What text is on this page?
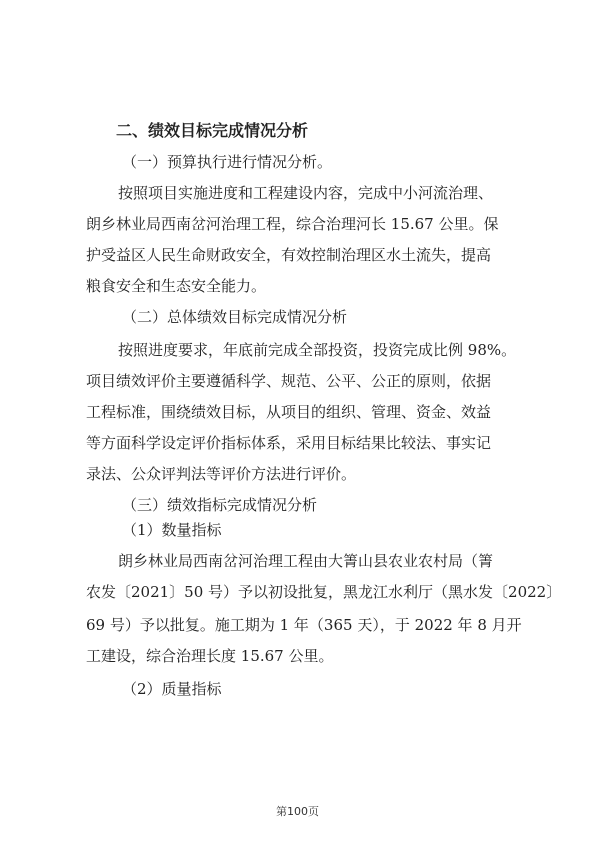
二、绩效目标完成情况分析
（一）预算执行进行情况分析。
按照项目实施进度和工程建设内容，完成中小河流治理、
朗乡林业局西南岔河治理工程，综合治理河长 15.67 公里。保
护受益区人民生命财政安全，有效控制治理区水土流失，提高
粮食安全和生态安全能力。
（二）总体绩效目标完成情况分析
按照进度要求，年底前完成全部投资，投资完成比例 98%。
项目绩效评价主要遵循科学、规范、公平、公正的原则，依据
工程标准，围绕绩效目标，从项目的组织、管理、资金、效益
等方面科学设定评价指标体系，采用目标结果比较法、事实记
录法、公众评判法等评价方法进行评价。
（三）绩效指标完成情况分析
（1）数量指标
朗乡林业局西南岔河治理工程由大箐山县农业农村局（箐
农发〔2021〕50 号）予以初设批复，黑龙江水利厅（黑水发〔2022〕
69 号）予以批复。施工期为 1 年（365 天），于 2022 年 8 月开
工建设，综合治理长度 15.67 公里。
（2）质量指标
第100页
